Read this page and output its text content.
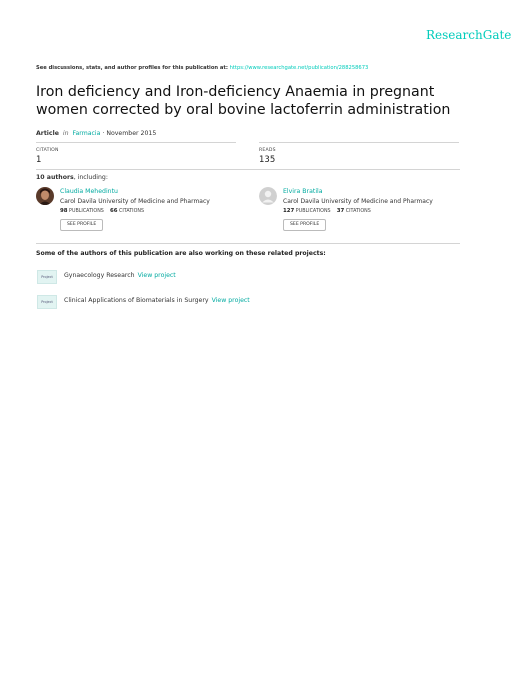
ResearchGate
See discussions, stats, and author profiles for this publication at: https://www.researchgate.net/publication/288258673
Iron deficiency and Iron-deficiency Anaemia in pregnant women corrected by oral bovine lactoferrin administration
Article in Farmacia · November 2015
CITATION
1
READS
135
10 authors, including:
Claudia Mehedintu
Carol Davila University of Medicine and Pharmacy
98 PUBLICATIONS 66 CITATIONS
SEE PROFILE
Elvira Bratila
Carol Davila University of Medicine and Pharmacy
127 PUBLICATIONS 37 CITATIONS
SEE PROFILE
Some of the authors of this publication are also working on these related projects:
Project	Gynaecology Research View project
Project	Clinical Applications of Biomaterials in Surgery View project
